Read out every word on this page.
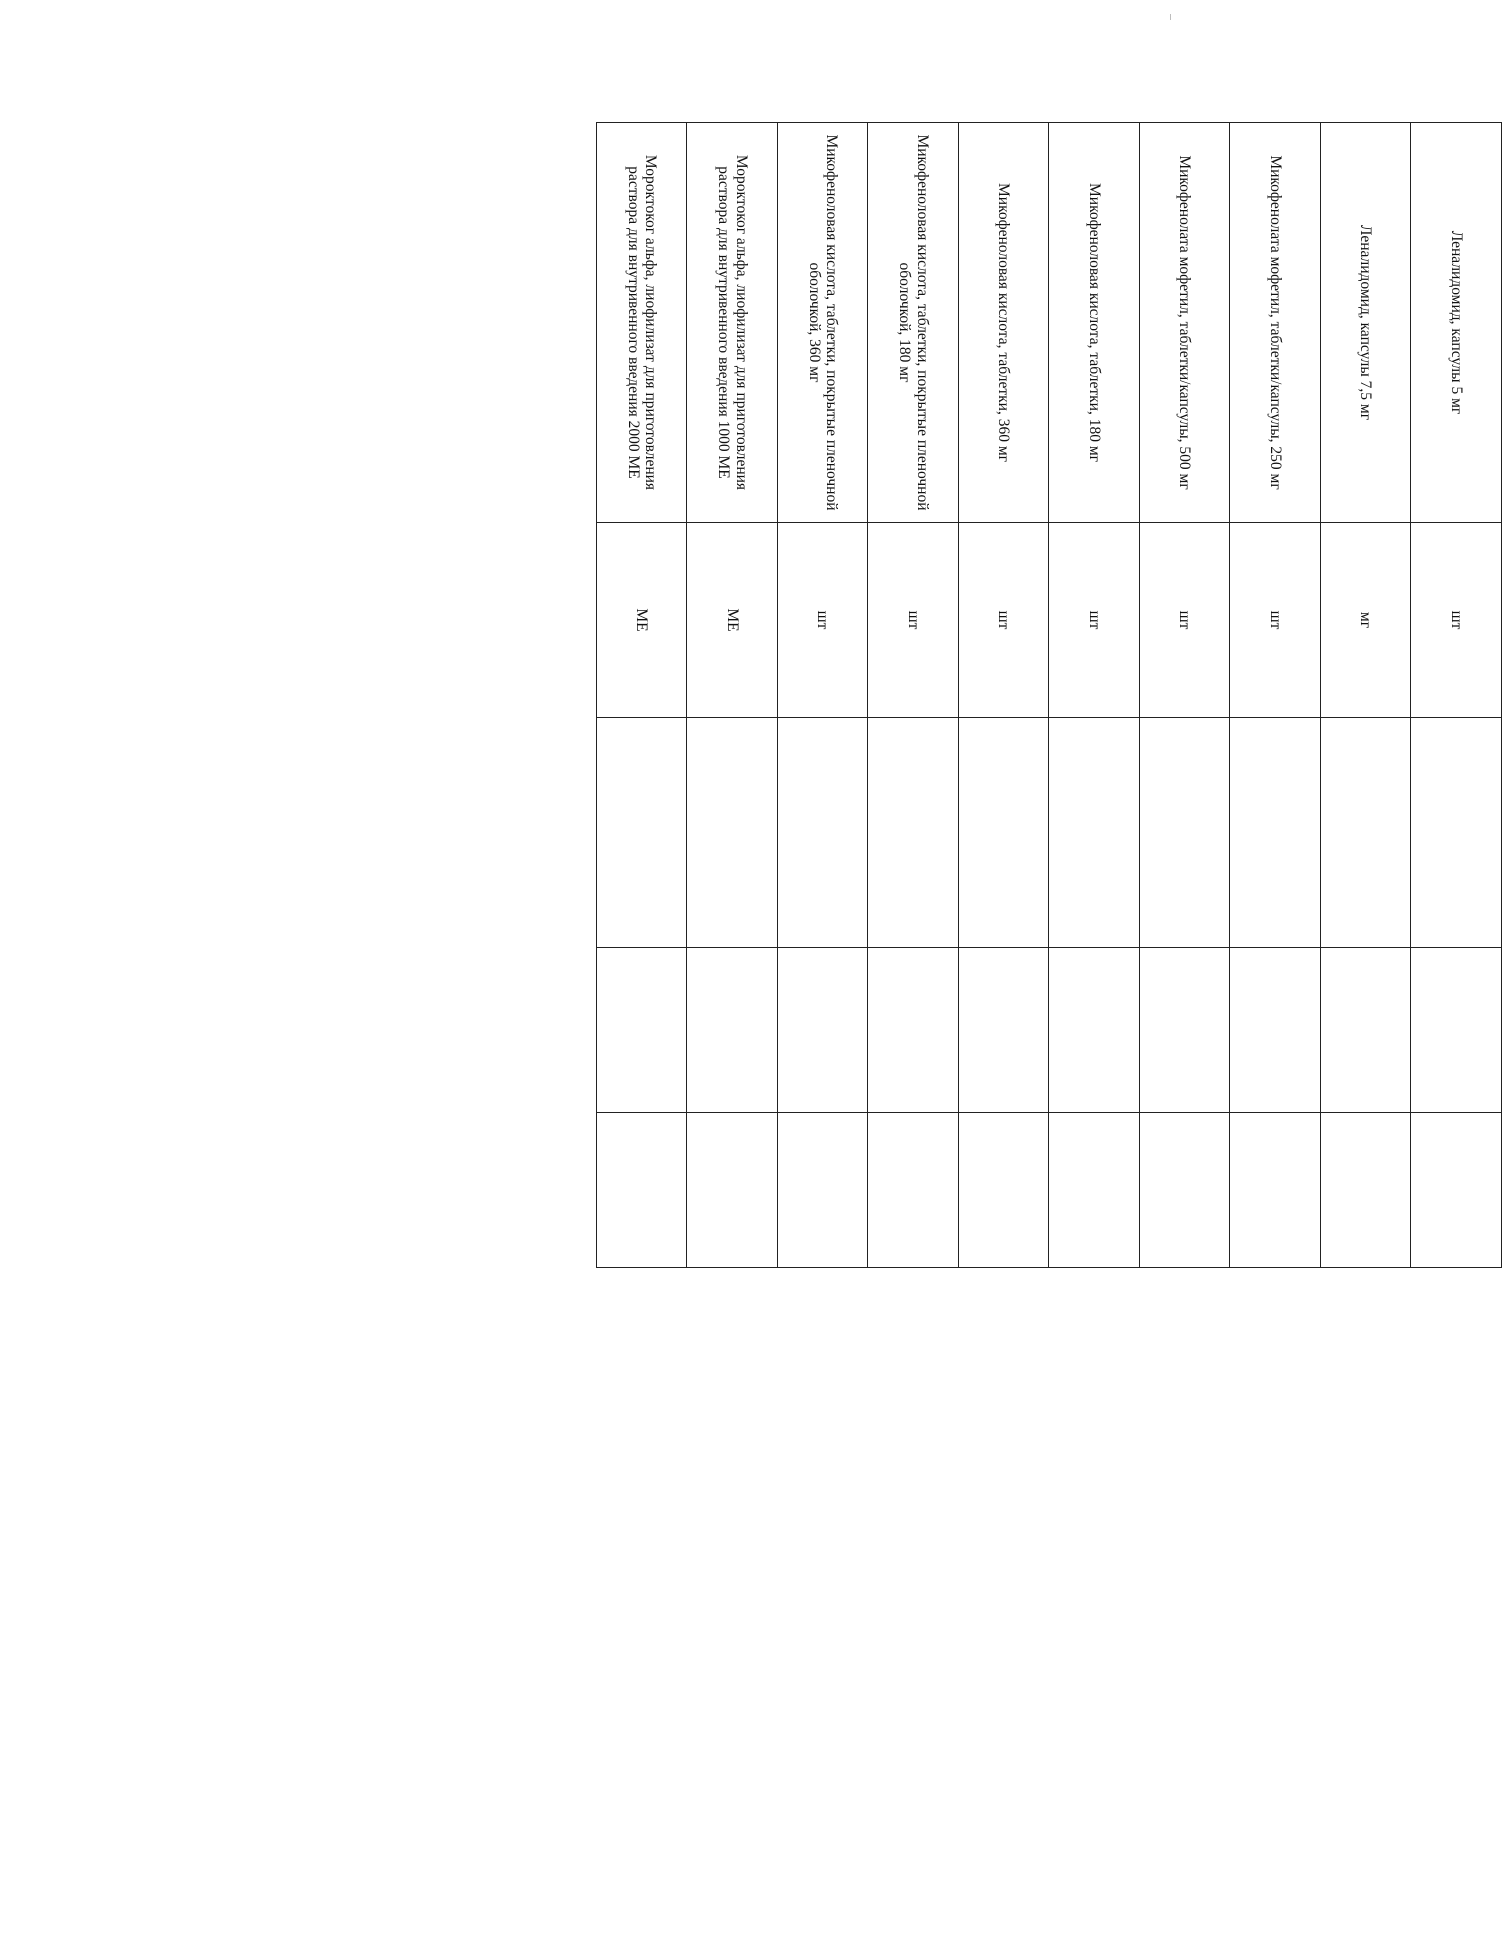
Леналидомид, капсулы 5 мг	шт			
Леналидомид, капсулы 7,5 мг	мг			
Микофенолата мофетил, таблетки/капсулы, 250 мг	шт			
Микофенолата мофетил, таблетки/капсулы, 500 мг	шт			
Микофеноловая кислота, таблетки, 180 мг	шт			
Микофеноловая кислота, таблетки, 360 мг	шт			
Микофеноловая кислота, таблетки, покрытые пленочной оболочкой, 180 мг	шт			
Микофеноловая кислота, таблетки, покрытые пленочной оболочкой, 360 мг	шт			
Мороктоког альфа, лиофилизат для приготовления раствора для внутривенного введения 1000 МЕ	МЕ			
Мороктоког альфа, лиофилизат для приготовления раствора для внутривенного введения 2000 МЕ	МЕ			
